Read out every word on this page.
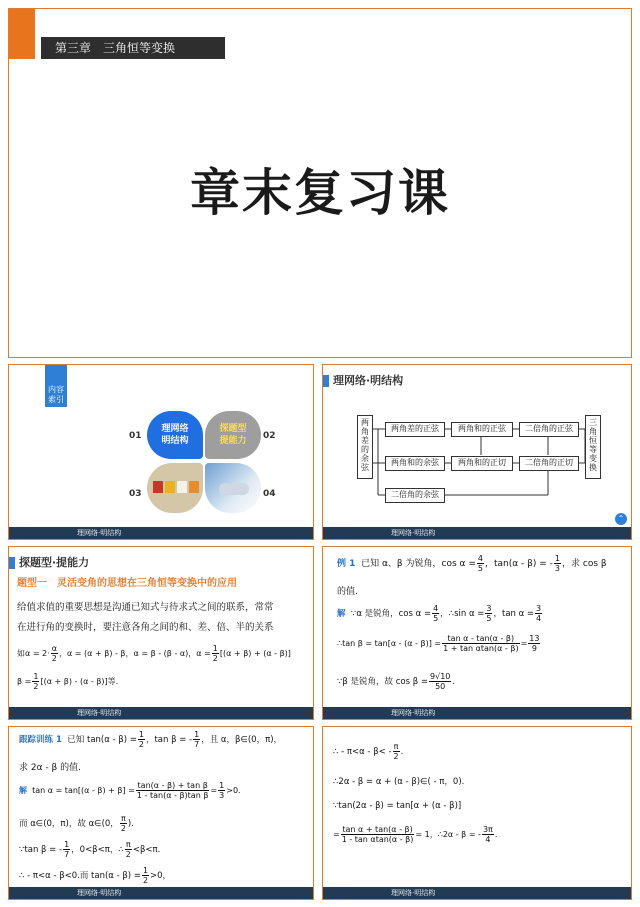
第三章　三角恒等变换
章末复习课
内容
索引
01
理网络
明结构
探题型
提能力	02
03	04
理网络·明结构
理网络·明结构
两角差的余弦
两角差的正弦	两角和的正弦	二倍角的正弦
两角和的余弦	两角和的正切	二倍角的正切
二倍角的余弦
三角恒等变换
⌃
理网络·明结构
探题型·提能力
题型一　灵活变角的思想在三角恒等变换中的应用
给值求值的重要思想是沟通已知式与待求式之间的联系，常常
在进行角的变换时，要注意各角之间的和、差、倍、半的关系
如$\alpha = 2\cdot \frac{\alpha}{2}$ ，α = (α + β) - β，α = β - (β - α)，$\alpha = \frac{1}{2} [(\alpha + \beta) + (\alpha - \beta)]$
$\beta = \frac{1}{2} [(\alpha + \beta) - (\alpha - \beta)]$等.
理网络·明结构
例 1 已知 α、β 为锐角，$\cos \alpha = \frac{4}{5}$ ，tan(α - β) = - $\frac{1}{3}$ ，求 cos β
的值.
解 ∵α 是锐角，$\cos \alpha = \frac{4}{5}$ ，∴sin $\alpha = \frac{3}{5}$ ，$\tan \alpha = \frac{3}{4}$
∴tan $\beta = \tan[\alpha - (\alpha - \beta)] = \frac{\text{tan α - tan(α - β)}}{\text{1 + tan αtan(α - β)}} = \frac{13}{9}$
∵β 是锐角，故 $\cos \beta = \frac{9√10}{50}$ .
理网络·明结构
跟踪训练 1 已知 $\tan(\alpha - \beta) = \frac{1}{2}$ ，tan β = - $\frac{1}{7}$ ，且 α，β∈(0，π)，
求 2α - β 的值.
解 $\tan \alpha = \tan[(\alpha - \beta) + \beta] = \frac{\text{tan(α - β) + tan β}}{\text{1 - tan(α - β)tan β}} = \frac{1}{3} >0$.
而 α∈(0，π)，故 α∈(0， $\frac{\pi}{2}$ ).
∵tan β = - $\frac{1}{7}$ ，0<β<π，∴ $\frac{\pi}{2} <\beta<\pi$.
∴ - π<α - β<0.而 $\tan(\alpha - \beta) = \frac{1}{2} >0$，
理网络·明结构
∴ - $\pi<\alpha - \beta< - \frac{\pi}{2}$ .
∴2α - β = α + (α - β)∈( - π，0).
∵tan(2α - β) = tan[α + (α - β)]
= $\frac{\text{tan α + tan(α - β)}}{\text{1 - tan αtan(α - β)}} = 1$，∴2α - β = - $\frac{3\pi}{4}$ .
理网络·明结构
